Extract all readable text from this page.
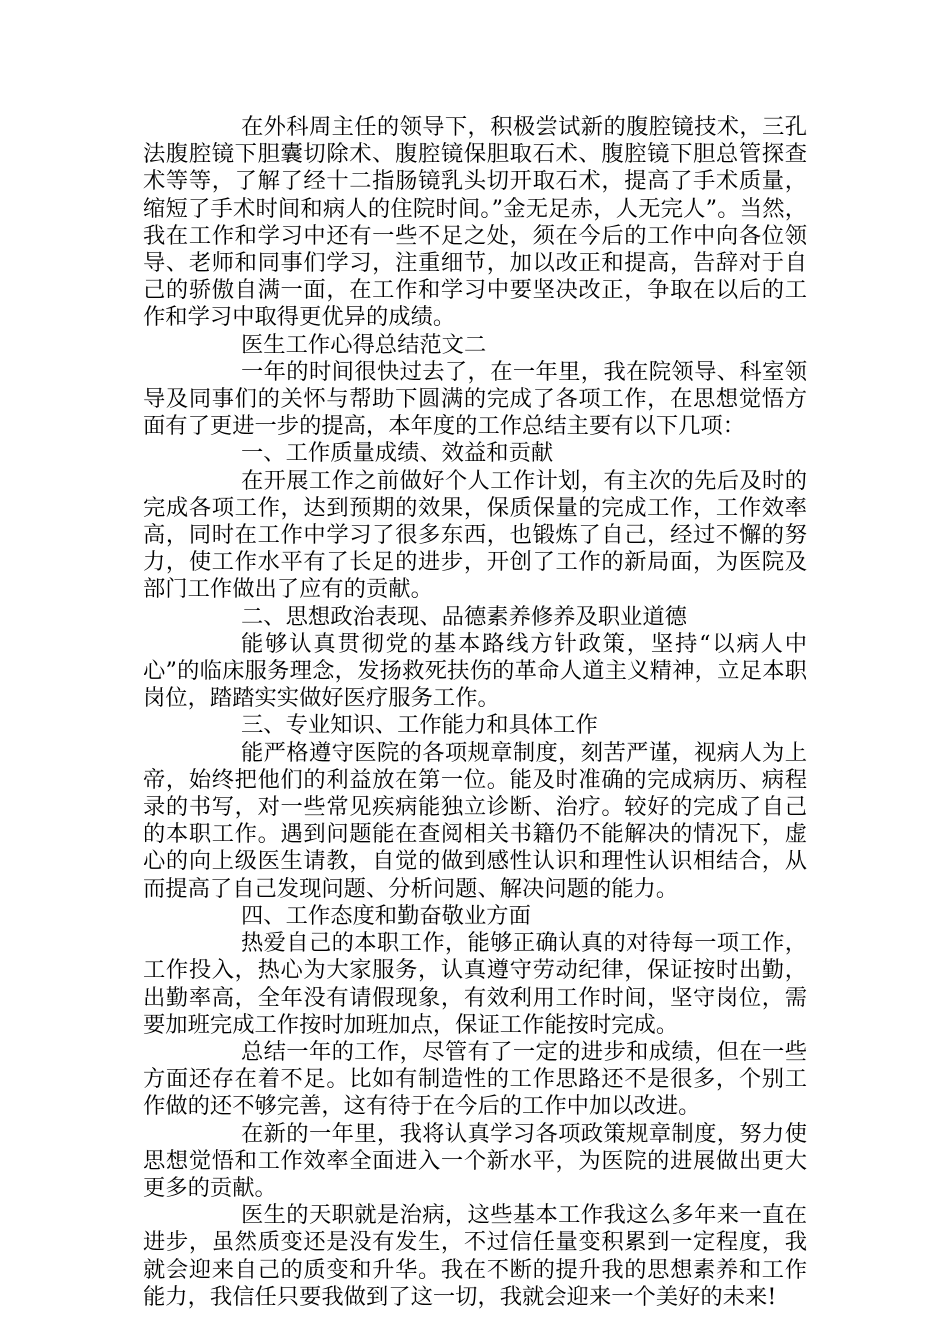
在外科周主任的领导下，积极尝试新的腹腔镜技术，三孔法腹腔镜下胆囊切除术、腹腔镜保胆取石术、腹腔镜下胆总管探查术等等，了解了经十二指肠镜乳头切开取石术，提高了手术质量，缩短了手术时间和病人的住院时间。”金无足赤，人无完人”。当然，我在工作和学习中还有一些不足之处，须在今后的工作中向各位领导、老师和同事们学习，注重细节，加以改正和提高，告辞对于自己的骄傲自满一面，在工作和学习中要坚决改正，争取在以后的工作和学习中取得更优异的成绩。

医生工作心得总结范文二

一年的时间很快过去了，在一年里，我在院领导、科室领导及同事们的关怀与帮助下圆满的完成了各项工作，在思想觉悟方面有了更进一步的提高，本年度的工作总结主要有以下几项：

一、工作质量成绩、效益和贡献

在开展工作之前做好个人工作计划，有主次的先后及时的完成各项工作，达到预期的效果，保质保量的完成工作，工作效率高，同时在工作中学习了很多东西，也锻炼了自己，经过不懈的努力，使工作水平有了长足的进步，开创了工作的新局面，为医院及部门工作做出了应有的贡献。

二、思想政治表现、品德素养修养及职业道德

能够认真贯彻党的基本路线方针政策，坚持“以病人中心”的临床服务理念，发扬救死扶伤的革命人道主义精神，立足本职岗位，踏踏实实做好医疗服务工作。

三、专业知识、工作能力和具体工作

能严格遵守医院的各项规章制度，刻苦严谨，视病人为上帝，始终把他们的利益放在第一位。能及时准确的完成病历、病程录的书写，对一些常见疾病能独立诊断、治疗。较好的完成了自己的本职工作。遇到问题能在查阅相关书籍仍不能解决的情况下，虚心的向上级医生请教，自觉的做到感性认识和理性认识相结合，从而提高了自己发现问题、分析问题、解决问题的能力。

四、工作态度和勤奋敬业方面

热爱自己的本职工作，能够正确认真的对待每一项工作，工作投入，热心为大家服务，认真遵守劳动纪律，保证按时出勤，出勤率高，全年没有请假现象，有效利用工作时间，坚守岗位，需要加班完成工作按时加班加点，保证工作能按时完成。

总结一年的工作，尽管有了一定的进步和成绩，但在一些方面还存在着不足。比如有制造性的工作思路还不是很多，个别工作做的还不够完善，这有待于在今后的工作中加以改进。

在新的一年里，我将认真学习各项政策规章制度，努力使思想觉悟和工作效率全面进入一个新水平，为医院的进展做出更大更多的贡献。

医生的天职就是治病，这些基本工作我这么多年来一直在进步，虽然质变还是没有发生，不过信任量变积累到一定程度，我就会迎来自己的质变和升华。我在不断的提升我的思想素养和工作能力，我信任只要我做到了这一切，我就会迎来一个美好的未来!
